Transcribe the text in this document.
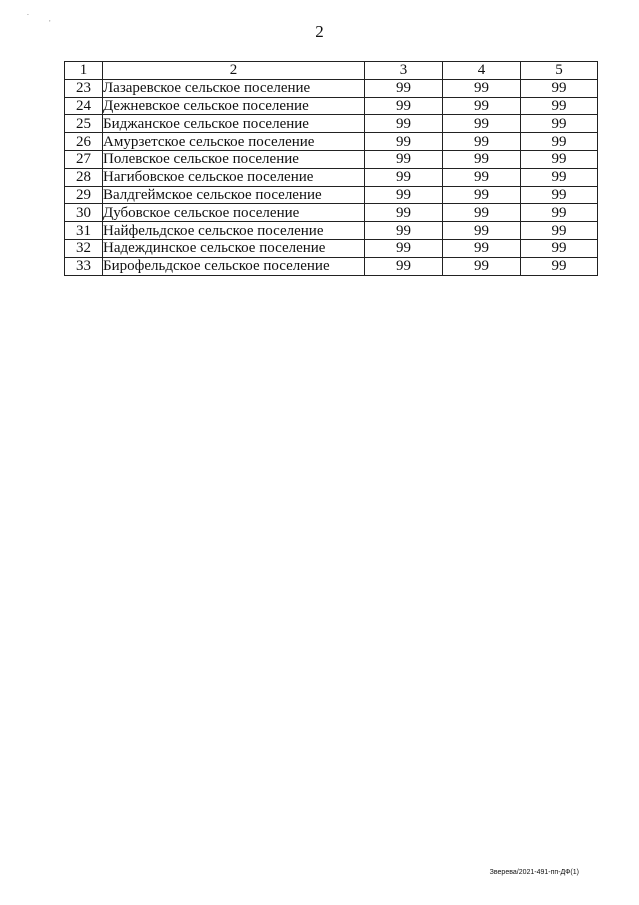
`	,
2
1	2	3	4	5
23	Лазаревское сельское поселение	99	99	99
24	Дежневское сельское поселение	99	99	99
25	Биджанское сельское поселение	99	99	99
26	Амурзетское сельское поселение	99	99	99
27	Полевское сельское поселение	99	99	99
28	Нагибовское сельское поселение	99	99	99
29	Валдгеймское сельское поселение	99	99	99
30	Дубовское сельское поселение	99	99	99
31	Найфельдское сельское поселение	99	99	99
32	Надеждинское сельское поселение	99	99	99
33	Бирофельдское сельское поселение	99	99	99
Зверева/2021-491-пп-ДФ(1)
